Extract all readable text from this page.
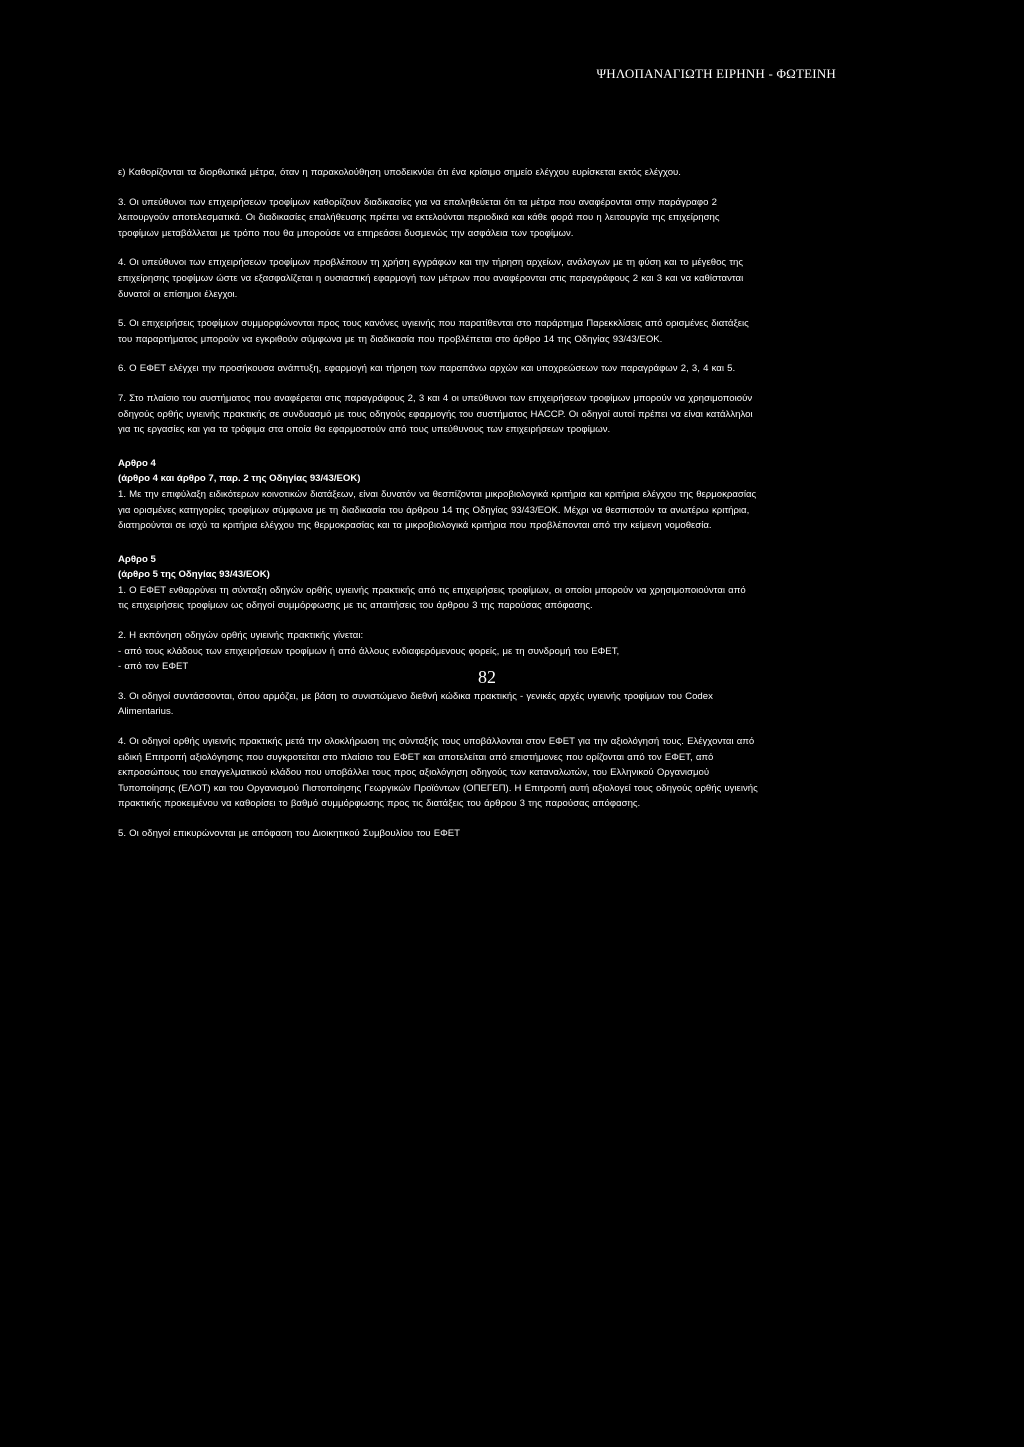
ΨΗΛΟΠΑΝΑΓΙΩΤΗ ΕΙΡΗΝΗ - ΦΩΤΕΙΝΗ

ε) Καθορίζονται τα διορθωτικά μέτρα, όταν η παρακολούθηση υποδεικνύει ότι ένα κρίσιμο σημείο ελέγχου ευρίσκεται εκτός ελέγχου.

3. Οι υπεύθυνοι των επιχειρήσεων τροφίμων καθορίζουν διαδικασίες για να επαληθεύεται ότι τα μέτρα που αναφέρονται στην παράγραφο 2 λειτουργούν αποτελεσματικά. Οι διαδικασίες επαλήθευσης πρέπει να εκτελούνται περιοδικά και κάθε φορά που η λειτουργία της επιχείρησης τροφίμων μεταβάλλεται με τρόπο που θα μπορούσε να επηρεάσει δυσμενώς την ασφάλεια των τροφίμων.

4. Οι υπεύθυνοι των επιχειρήσεων τροφίμων προβλέπουν τη χρήση εγγράφων και την τήρηση αρχείων, ανάλογων με τη φύση και το μέγεθος της επιχείρησης τροφίμων ώστε να εξασφαλίζεται η ουσιαστική εφαρμογή των μέτρων που αναφέρονται στις παραγράφους 2 και 3 και να καθίστανται δυνατοί οι επίσημοι έλεγχοι.

5. Οι επιχειρήσεις τροφίμων συμμορφώνονται προς τους κανόνες υγιεινής που παρατίθενται στο παράρτημα Παρεκκλίσεις από ορισμένες διατάξεις του παραρτήματος μπορούν να εγκριθούν σύμφωνα με τη διαδικασία που προβλέπεται στο άρθρο 14 της Οδηγίας 93/43/ΕΟΚ.

6. Ο ΕΦΕΤ ελέγχει την προσήκουσα ανάπτυξη, εφαρμογή και τήρηση των παραπάνω αρχών και υποχρεώσεων των παραγράφων 2, 3, 4 και 5.

7. Στο πλαίσιο του συστήματος που αναφέρεται στις παραγράφους 2, 3 και 4 οι υπεύθυνοι των επιχειρήσεων τροφίμων μπορούν να χρησιμοποιούν οδηγούς ορθής υγιεινής πρακτικής σε συνδυασμό με τους οδηγούς εφαρμογής του συστήματος HACCP. Οι οδηγοί αυτοί πρέπει να είναι κατάλληλοι για τις εργασίες και για τα τρόφιμα στα οποία θα εφαρμοστούν από τους υπεύθυνους των επιχειρήσεων τροφίμων.

Αρθρο 4

(άρθρο 4 και άρθρο 7, παρ. 2 της Οδηγίας 93/43/ΕΟΚ)

1. Με την επιφύλαξη ειδικότερων κοινοτικών διατάξεων, είναι δυνατόν να θεσπίζονται μικροβιολογικά κριτήρια και κριτήρια ελέγχου της θερμοκρασίας για ορισμένες κατηγορίες τροφίμων σύμφωνα με τη διαδικασία του άρθρου 14 της Οδηγίας 93/43/ΕΟΚ. Μέχρι να θεσπιστούν τα ανωτέρω κριτήρια, διατηρούνται σε ισχύ τα κριτήρια ελέγχου της θερμοκρασίας και τα μικροβιολογικά κριτήρια που προβλέπονται από την κείμενη νομοθεσία.

Αρθρο 5

(άρθρο 5 της Οδηγίας 93/43/ΕΟΚ)

1. Ο ΕΦΕΤ ενθαρρύνει τη σύνταξη οδηγών ορθής υγιεινής πρακτικής από τις επιχειρήσεις τροφίμων, οι οποίοι μπορούν να χρησιμοποιούνται από τις επιχειρήσεις τροφίμων ως οδηγοί συμμόρφωσης με τις απαιτήσεις του άρθρου 3 της παρούσας απόφασης.

2. Η εκπόνηση οδηγών ορθής υγιεινής πρακτικής γίνεται:

- από τους κλάδους των επιχειρήσεων τροφίμων ή από άλλους ενδιαφερόμενους φορείς, με τη συνδρομή του ΕΦΕΤ,

- από τον ΕΦΕΤ

3. Οι οδηγοί συντάσσονται, όπου αρμόζει, με βάση το συνιστώμενο διεθνή κώδικα πρακτικής - γενικές αρχές υγιεινής τροφίμων του Codex Alimentarius.

4. Οι οδηγοί ορθής υγιεινής πρακτικής μετά την ολοκλήρωση της σύνταξής τους υποβάλλονται στον ΕΦΕΤ για την αξιολόγησή τους. Ελέγχονται από ειδική Επιτροπή αξιολόγησης που συγκροτείται στο πλαίσιο του ΕΦΕΤ και αποτελείται από επιστήμονες που ορίζονται από τον ΕΦΕΤ, από εκπροσώπους του επαγγελματικού κλάδου που υποβάλλει τους προς αξιολόγηση οδηγούς των καταναλωτών, του Ελληνικού Οργανισμού Τυποποίησης (ΕΛΟΤ) και του Οργανισμού Πιστοποίησης Γεωργικών Προϊόντων (ΟΠΕΓΕΠ). Η Επιτροπή αυτή αξιολογεί τους οδηγούς ορθής υγιεινής πρακτικής προκειμένου να καθορίσει το βαθμό συμμόρφωσης προς τις διατάξεις του άρθρου 3 της παρούσας απόφασης.

5. Οι οδηγοί επικυρώνονται με απόφαση του Διοικητικού Συμβουλίου του ΕΦΕΤ

82
